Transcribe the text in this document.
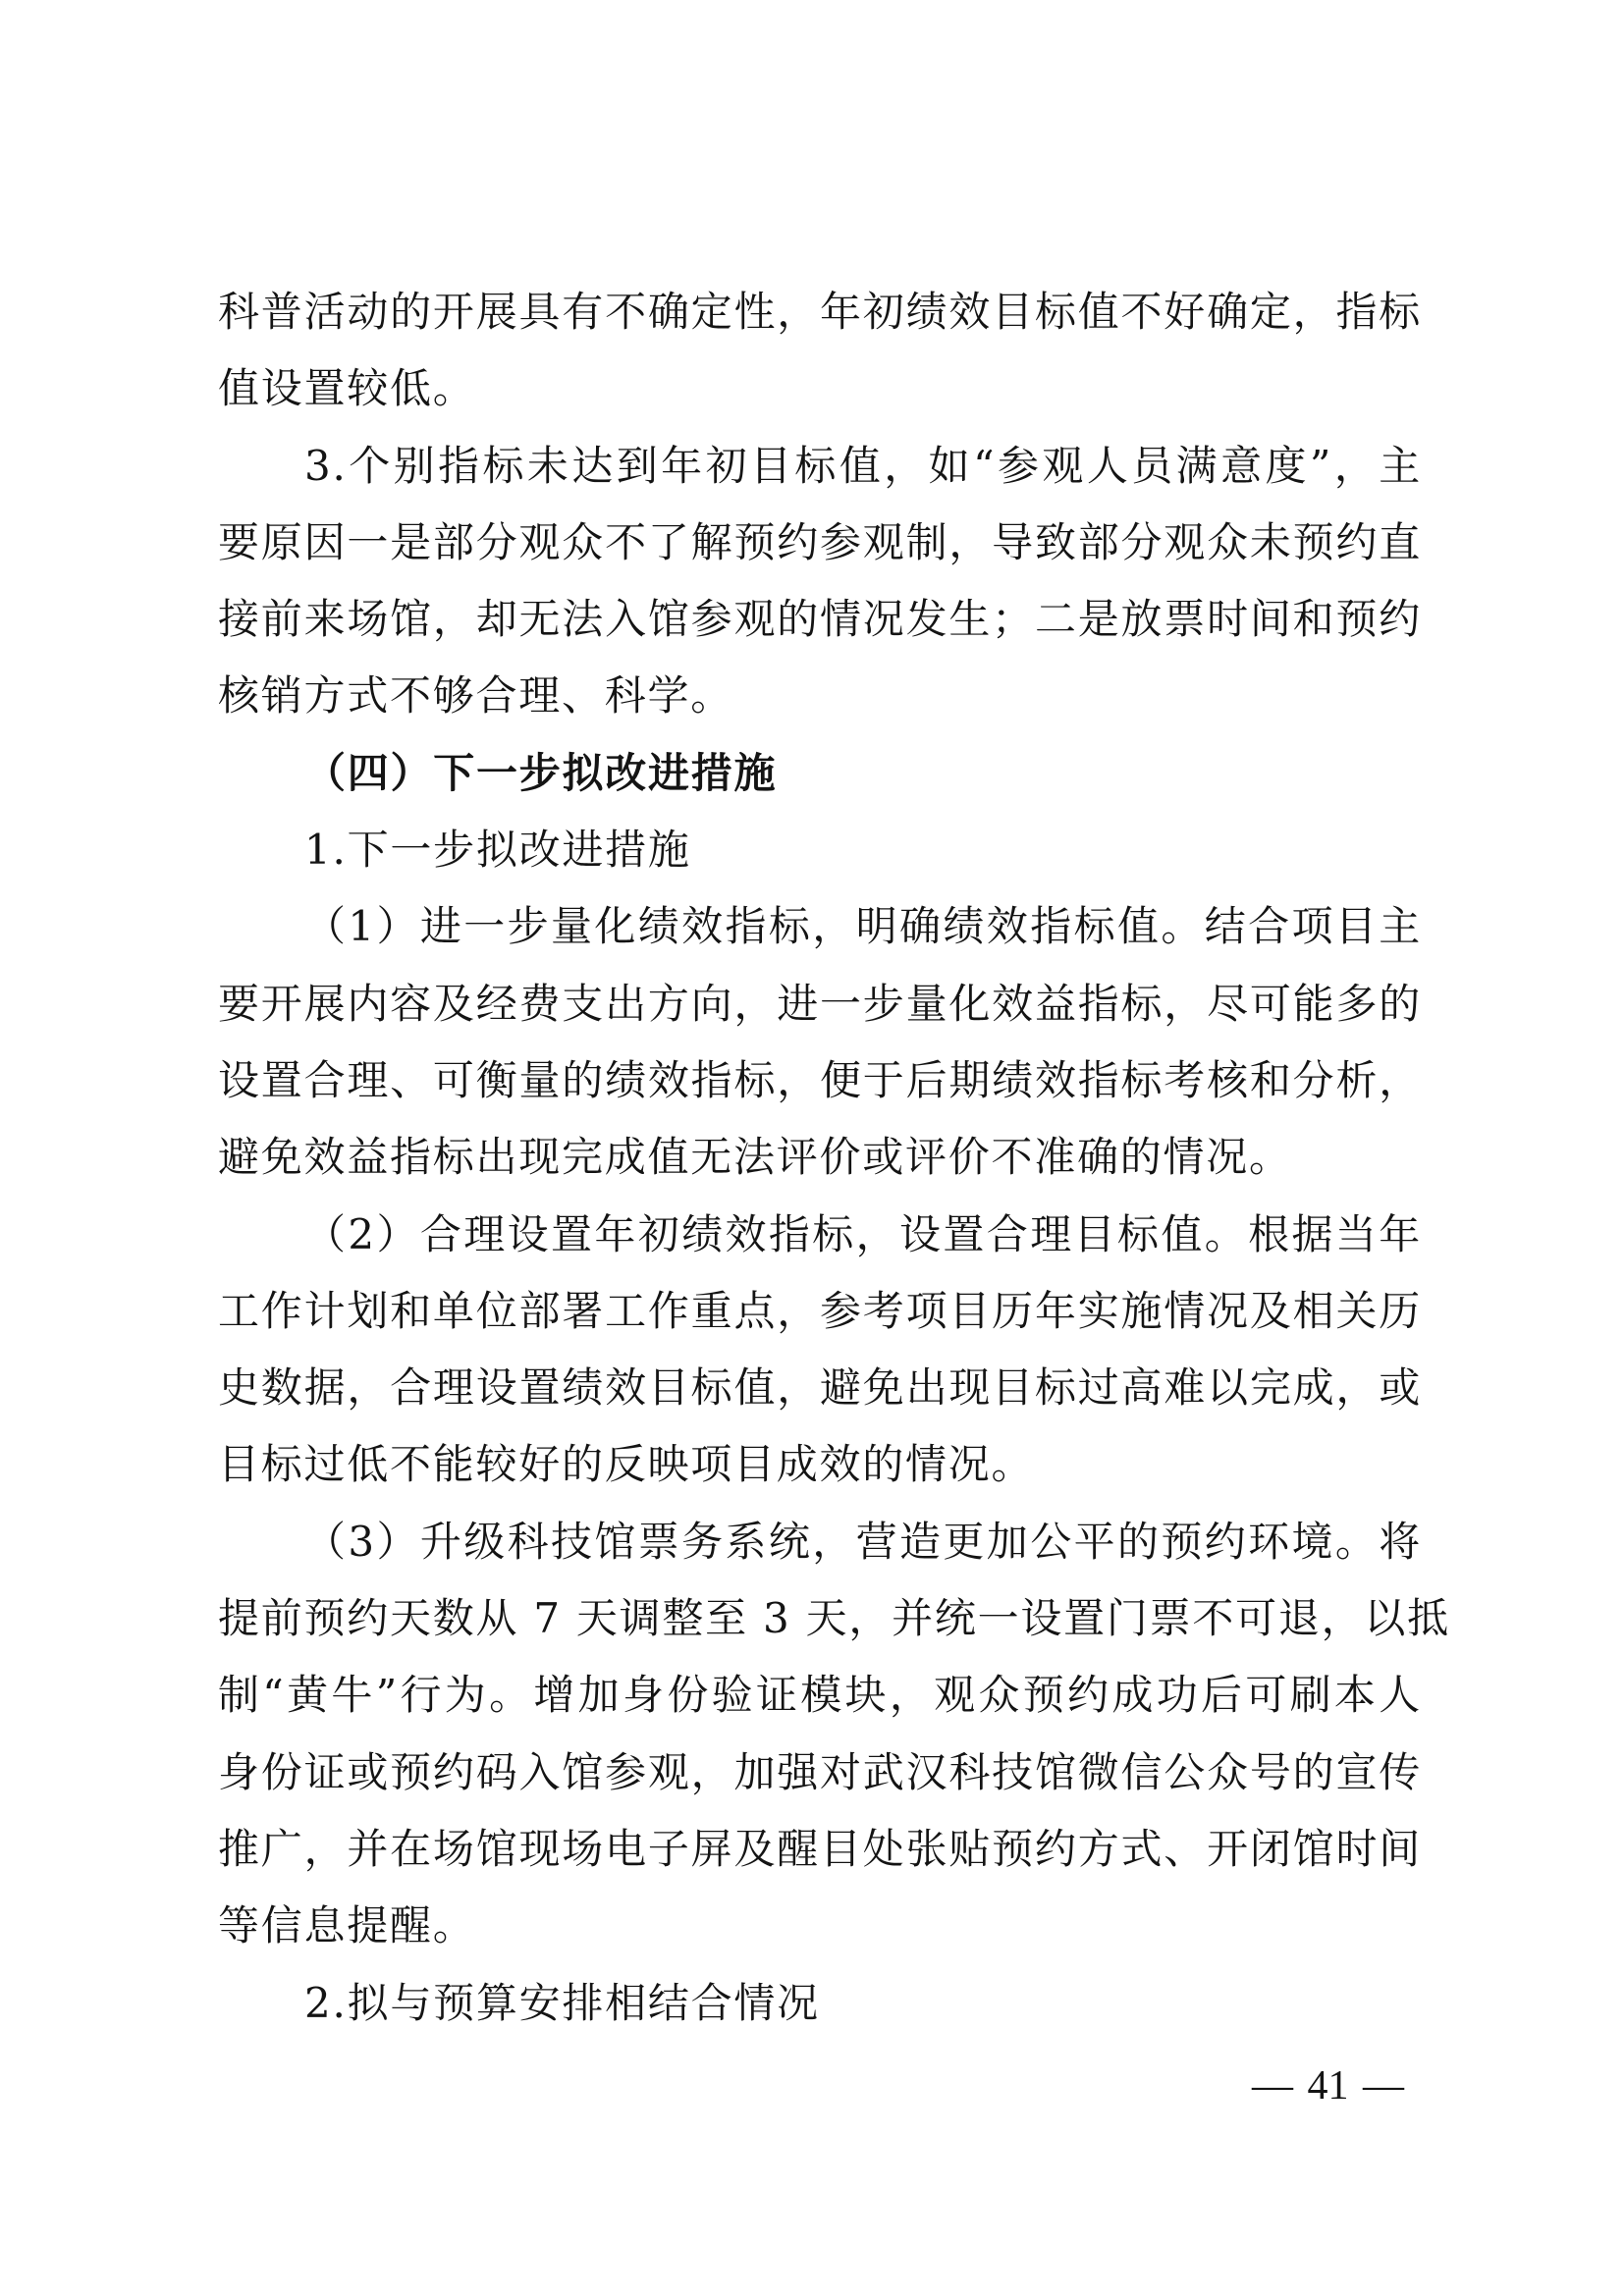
科普活动的开展具有不确定性，年初绩效目标值不好确定，指标
值设置较低。
3.个别指标未达到年初目标值，如“参观人员满意度”，主
要原因一是部分观众不了解预约参观制，导致部分观众未预约直
接前来场馆，却无法入馆参观的情况发生；二是放票时间和预约
核销方式不够合理、科学。
（四）下一步拟改进措施
1.下一步拟改进措施
（1）进一步量化绩效指标，明确绩效指标值。结合项目主
要开展内容及经费支出方向，进一步量化效益指标，尽可能多的
设置合理、可衡量的绩效指标，便于后期绩效指标考核和分析，
避免效益指标出现完成值无法评价或评价不准确的情况。
（2）合理设置年初绩效指标，设置合理目标值。根据当年
工作计划和单位部署工作重点，参考项目历年实施情况及相关历
史数据，合理设置绩效目标值，避免出现目标过高难以完成，或
目标过低不能较好的反映项目成效的情况。
（3）升级科技馆票务系统，营造更加公平的预约环境。将
提前预约天数从 7 天调整至 3 天，并统一设置门票不可退，以抵
制“黄牛”行为。增加身份验证模块，观众预约成功后可刷本人
身份证或预约码入馆参观，加强对武汉科技馆微信公众号的宣传
推广，并在场馆现场电子屏及醒目处张贴预约方式、开闭馆时间
等信息提醒。
2.拟与预算安排相结合情况
— 41 —
